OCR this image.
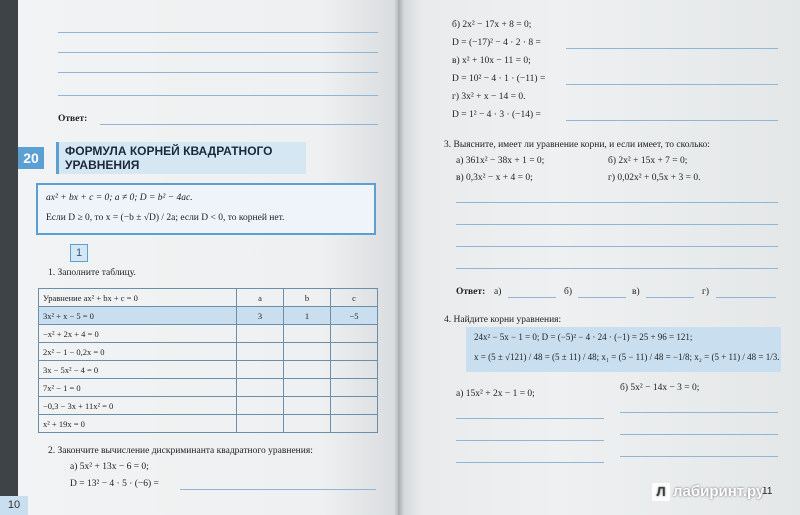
Ответ:
20	ФОРМУЛА КОРНЕЙ КВАДРАТНОГО УРАВНЕНИЯ
ax² + bx + c = 0; a ≠ 0; D = b² − 4ac.
Если D ≥ 0, то x = (−b ± √D) / 2a; если D < 0, то корней нет.
1
1. Заполните таблицу.
Уравнение ax² + bx + c = 0	a	b	c
3x² + x − 5 = 0	3	1	−5
−x² + 2x + 4 = 0			
2x² − 1 − 0,2x = 0			
3x − 5x² − 4 = 0			
7x² − 1 = 0			
−0,3 − 3x + 11x² = 0			
x² + 19x = 0			
2. Закончите вычисление дискриминанта квадратного уравнения:
а) 5x² + 13x − 6 = 0;
D = 13² − 4 · 5 · (−6) =
10
б) 2x² − 17x + 8 = 0;
D = (−17)² − 4 · 2 · 8 =
в) x² + 10x − 11 = 0;
D = 10² − 4 · 1 · (−11) =
г) 3x² + x − 14 = 0.
D = 1² − 4 · 3 · (−14) =
3. Выясните, имеет ли уравнение корни, и если имеет, то сколько:
а) 361x² − 38x + 1 = 0;	б) 2x² + 15x + 7 = 0;
в) 0,3x² − x + 4 = 0;	г) 0,02x² + 0,5x + 3 = 0.
Ответ: а)	б)	в)	г)
4. Найдите корни уравнения:
а) 15x² + 2x − 1 = 0;
б) 5x² − 14x − 3 = 0;
24x² − 5x − 1 = 0; D = (−5)² − 4 · 24 · (−1) = 25 + 96 = 121;
x = (5 ± √121) / 48 = (5 ± 11) / 48; x₁ = (5 − 11) / 48 = −1/8; x₂ = (5 + 11) / 48 = 1/3.
11
Л лабиринт.ру
